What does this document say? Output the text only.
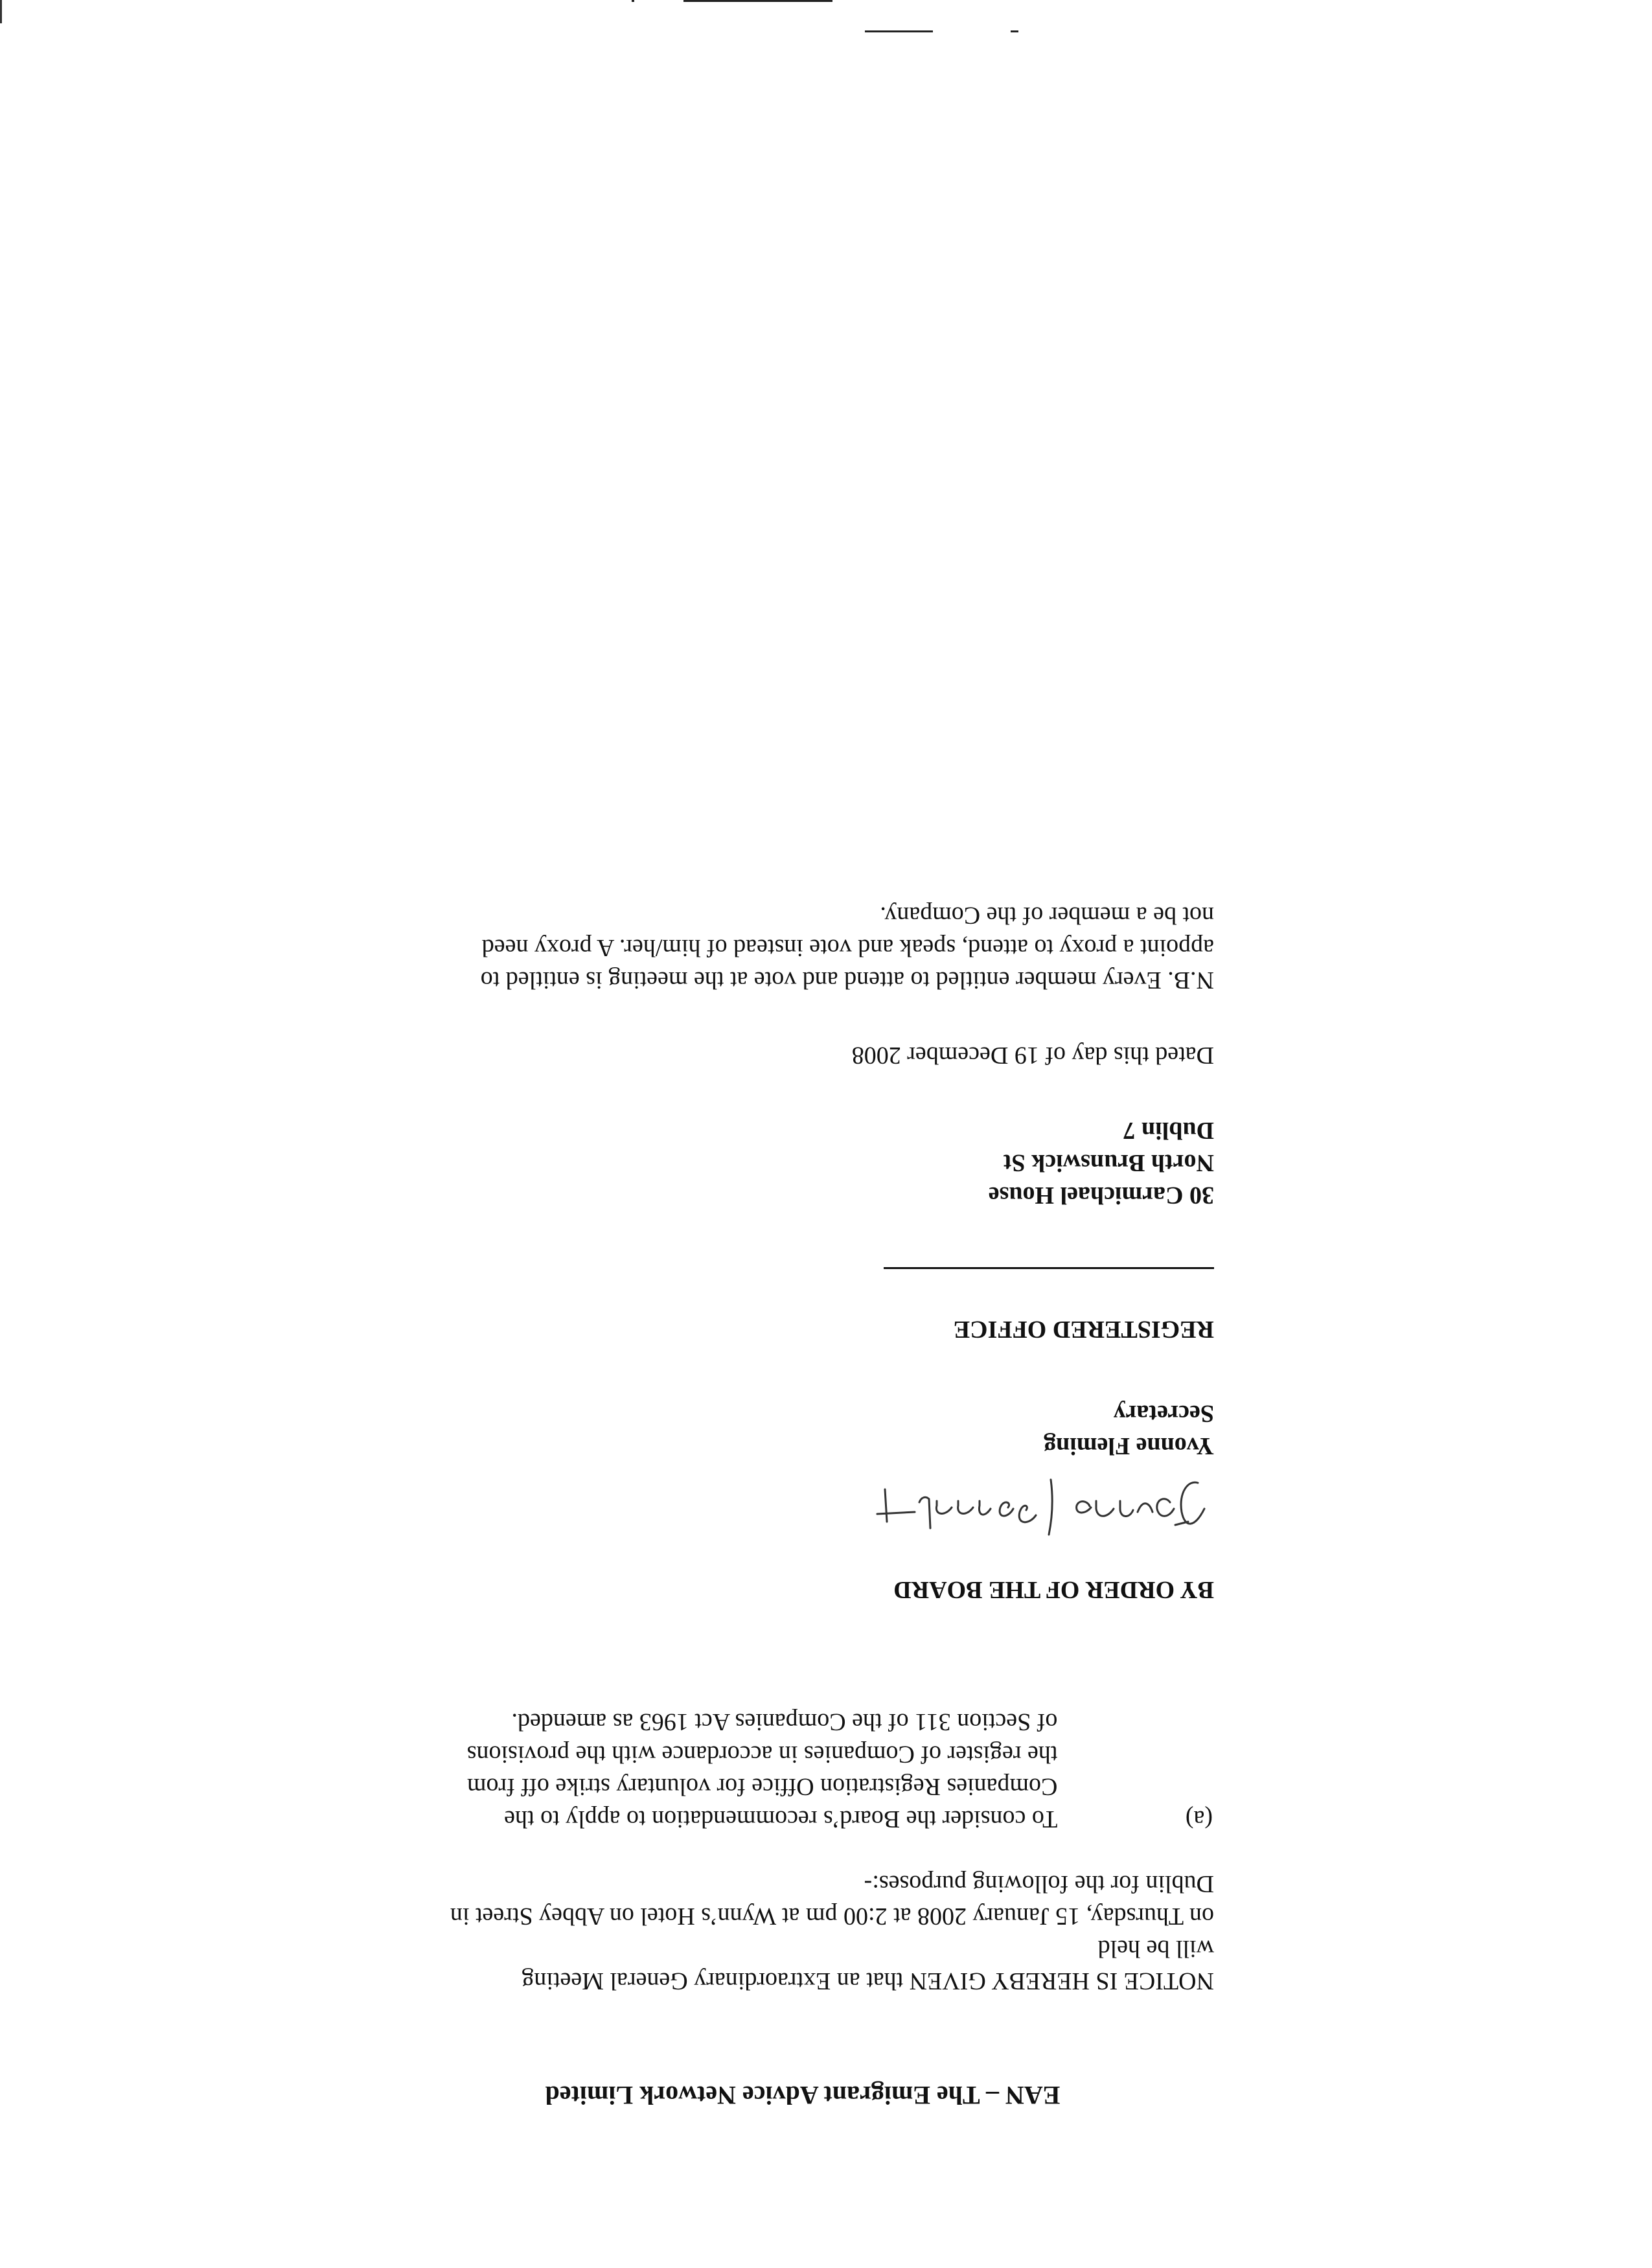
EAN – The Emigrant Advice Network Limited

NOTICE IS HEREBY GIVEN that an Extraordinary General Meeting

will be held

on Thursday, 15 January 2008 at 2:00 pm at Wynn’s Hotel on Abbey Street in

Dublin for the following purposes:-

(a)

To consider the Board’s recommendation to apply to the

Companies Registration Office for voluntary strike off from

the register of Companies in accordance with the provisions

of Section 311 of the Companies Act 1963 as amended.

BY ORDER OF THE BOARD

Yvonne Fleming

Secretary

REGISTERED OFFICE

30 Carmichael House

North Brunswick St

Dublin 7

Dated this day of 19 December 2008

N.B. Every member entitled to attend and vote at the meeting is entitled to

appoint a proxy to attend, speak and vote instead of him/her. A proxy need

not be a member of the Company.
